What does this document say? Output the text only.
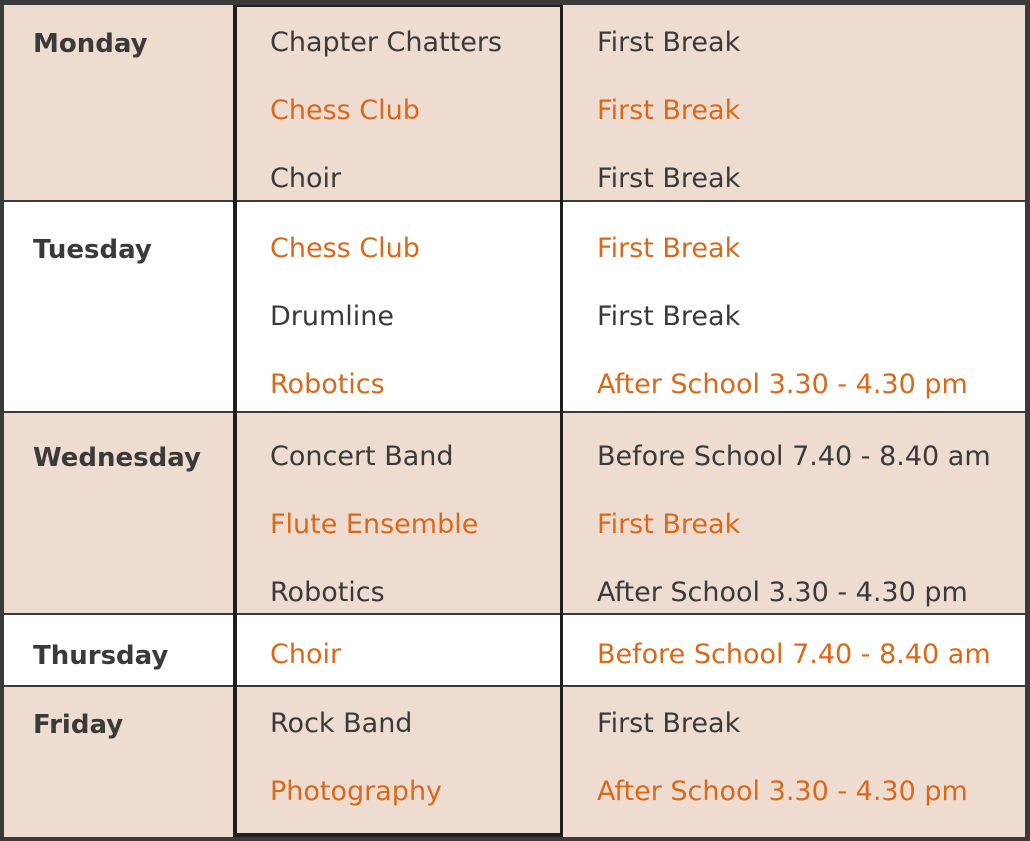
Monday	Chapter Chatters	First Break
Chess Club	First Break
Choir	First Break
Tuesday	Chess Club	First Break
Drumline	First Break
Robotics	After School 3.30 - 4.30 pm
Wednesday	Concert Band	Before School 7.40 - 8.40 am
Flute Ensemble	First Break
Robotics	After School 3.30 - 4.30 pm
Thursday	Choir	Before School 7.40 - 8.40 am
Friday	Rock Band	First Break
Photography	After School 3.30 - 4.30 pm
